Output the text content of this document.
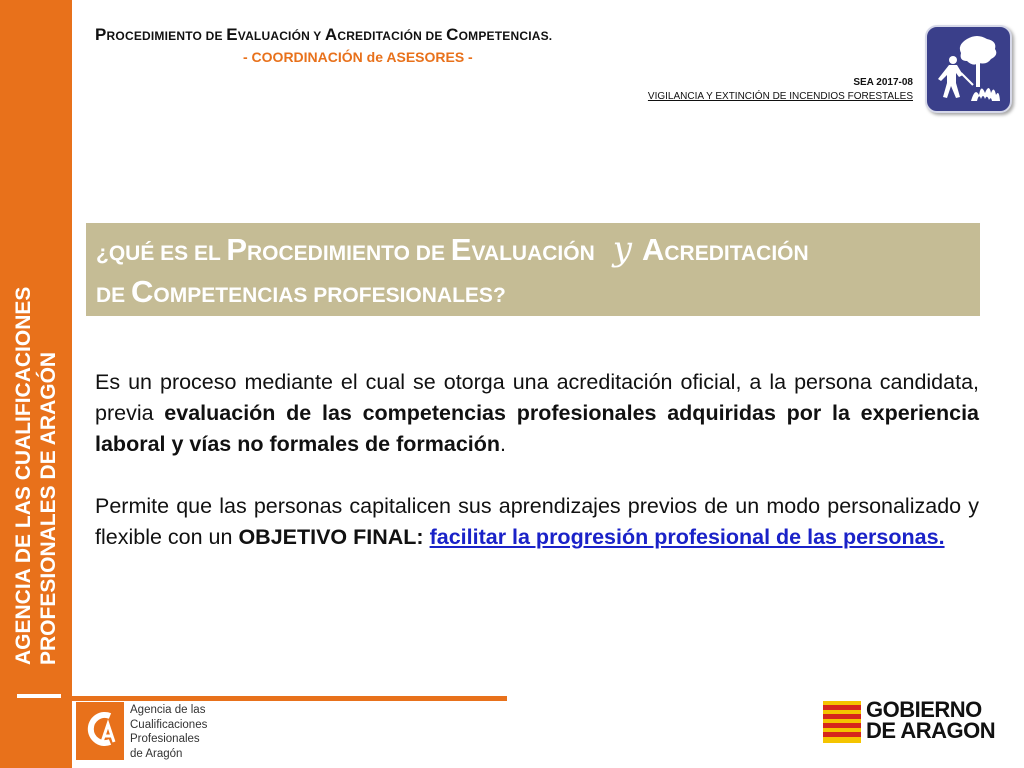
AGENCIA DE LAS CUALIFICACIONES PROFESIONALES DE ARAGÓN
PROCEDIMIENTO DE EVALUACIÓN Y ACREDITACIÓN DE COMPETENCIAS.
- COORDINACIÓN de ASESORES -
SEA 2017-08
VIGILANCIA Y EXTINCIÓN DE INCENDIOS FORESTALES
¿QUÉ ES EL PROCEDIMIENTO DE EVALUACIÓN y ACREDITACIÓN
DE COMPETENCIAS PROFESIONALES?
Es un proceso mediante el cual se otorga una acreditación oficial, a la persona candidata, previa evaluación de las competencias profesionales adquiridas por la experiencia laboral y vías no formales de formación.
Permite que las personas capitalicen sus aprendizajes previos de un modo personalizado y flexible con un OBJETIVO FINAL: facilitar la progresión profesional de las personas.
Agencia de las
Cualificaciones
Profesionales
de Aragón
GOBIERNO
DE ARAGON
